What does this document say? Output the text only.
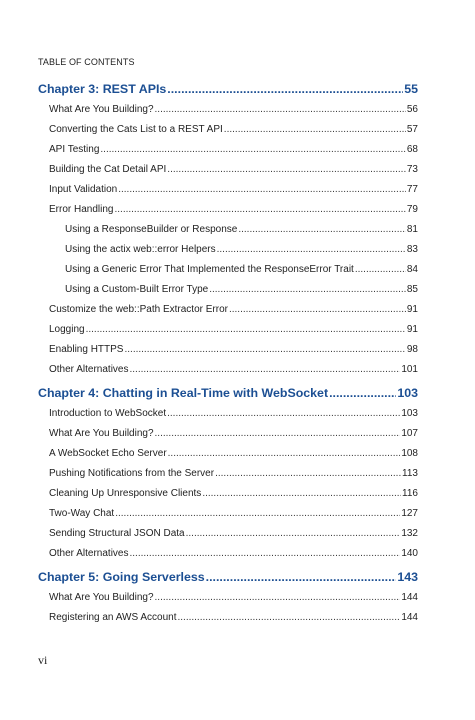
TABLE OF CONTENTS
Chapter 3: REST APIs .....	55
What Are You Building? .....	56
Converting the Cats List to a REST API .....	57
API Testing .....	68
Building the Cat Detail API .....	73
Input Validation .....	77
Error Handling .....	79
Using a ResponseBuilder or Response .....	81
Using the actix web::error Helpers .....	83
Using a Generic Error That Implemented the ResponseError Trait .....	84
Using a Custom-Built Error Type .....	85
Customize the web::Path Extractor Error .....	91
Logging .....	91
Enabling HTTPS .....	98
Other Alternatives .....	101
Chapter 4: Chatting in Real-Time with WebSocket .....	103
Introduction to WebSocket .....	103
What Are You Building? .....	107
A WebSocket Echo Server .....	108
Pushing Notifications from the Server .....	113
Cleaning Up Unresponsive Clients .....	116
Two-Way Chat .....	127
Sending Structural JSON Data .....	132
Other Alternatives .....	140
Chapter 5: Going Serverless .....	143
What Are You Building? .....	144
Registering an AWS Account .....	144
vi
